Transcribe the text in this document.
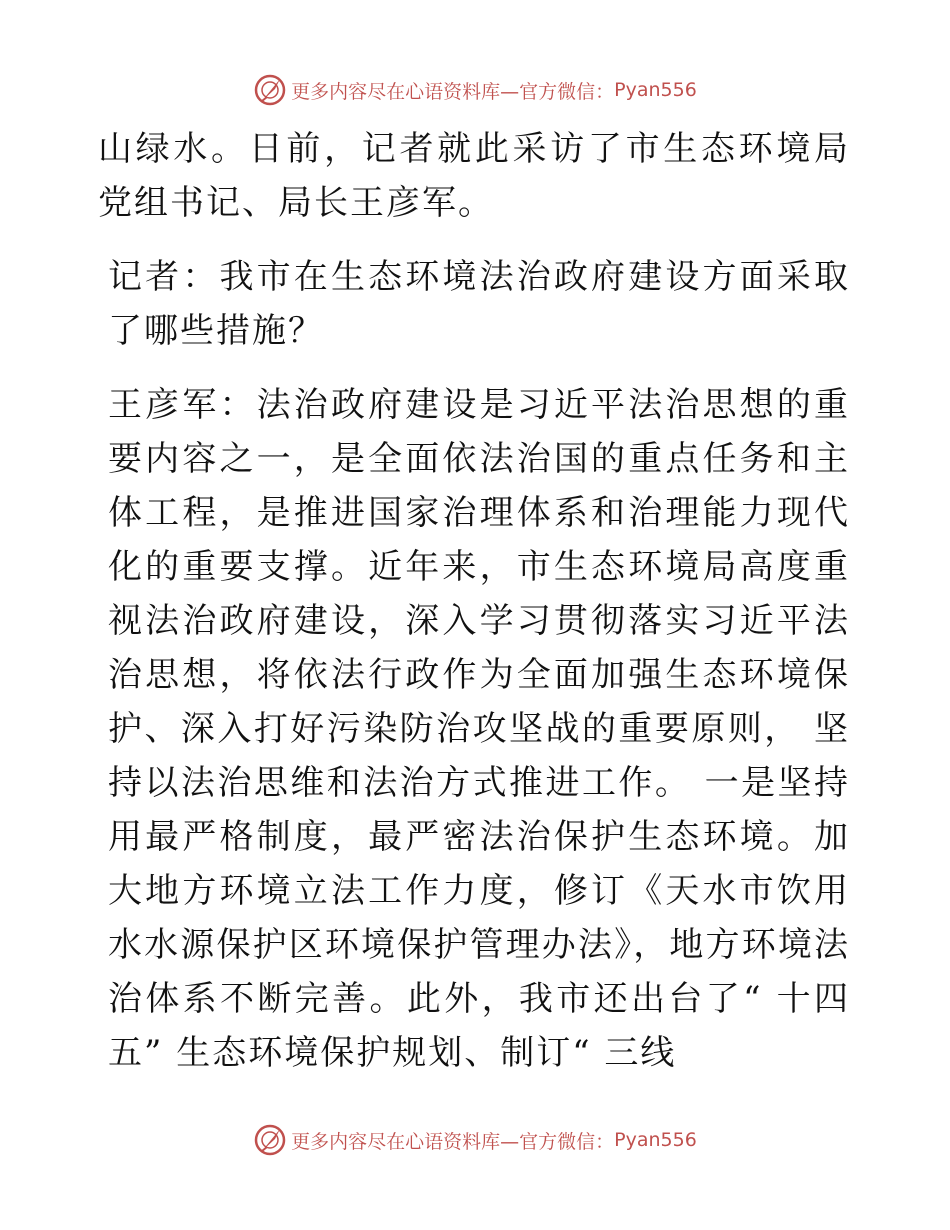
更多内容尽在心语资料库—官方微信： Pyan556

山绿水。日前，记者就此采访了市生态环境局党组书记、局长王彦军。

记者：我市在生态环境法治政府建设方面采取了哪些措施？

王彦军：法治政府建设是习近平法治思想的重要内容之一，是全面依法治国的重点任务和主体工程，是推进国家治理体系和治理能力现代化的重要支撑。近年来，市生态环境局高度重视法治政府建设，深入学习贯彻落实习近平法治思想，将依法行政作为全面加强生态环境保护、深入打好污染防治攻坚战的重要原则， 坚持以法治思维和法治方式推进工作。 一是坚持用最严格制度，最严密法治保护生态环境。加大地方环境立法工作力度，修订《天水市饮用水水源保护区环境保护管理办法》，地方环境法治体系不断完善。此外，我市还出台了“ 十四五” 生态环境保护规划、制订“ 三线

更多内容尽在心语资料库—官方微信： Pyan556
